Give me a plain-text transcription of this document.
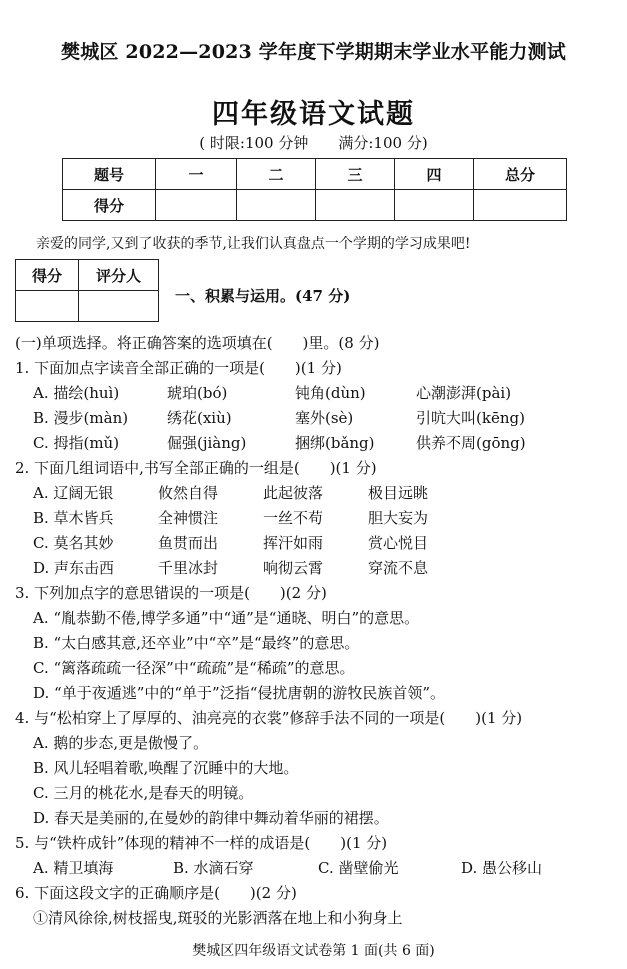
樊城区 2022—2023 学年度下学期期末学业水平能力测试
四年级语文试题
( 时限:100 分钟　　满分:100 分)
题号	一	二	三	四	总分
得分					
亲爱的同学,又到了收获的季节,让我们认真盘点一个学期的学习成果吧!
得分	评分人

一、积累与运用。(47 分)
(一)单项选择。将正确答案的选项填在(　　)里。(8 分)
1. 下面加点字读音全部正确的一项是(　　)(1 分)
A. 描绘(huì)	琥珀(bó)	钝角(dùn)	心潮澎湃(pài)
B. 漫步(màn)	绣花(xiù)	塞外(sè)	引吭大叫(kēng)
C. 拇指(mǔ)	倔强(jiàng)	捆绑(bǎng)	供养不周(gōng)
2. 下面几组词语中,书写全部正确的一组是(　　)(1 分)
A. 辽阔无银	攸然自得	此起彼落	极目远眺
B. 草木皆兵	全神惯注	一丝不苟	胆大妄为
C. 莫名其妙	鱼贯而出	挥汗如雨	赏心悦目
D. 声东击西	千里冰封	响彻云霄	穿流不息
3. 下列加点字的意思错误的一项是(　　)(2 分)
A. “胤恭勤不倦,博学多通”中“通”是“通晓、明白”的意思。
B. “太白感其意,还卒业”中“卒”是“最终”的意思。
C. “篱落疏疏一径深”中“疏疏”是“稀疏”的意思。
D. “单于夜遁逃”中的“单于”泛指“侵扰唐朝的游牧民族首领”。
4. 与“松柏穿上了厚厚的、油亮亮的衣裳”修辞手法不同的一项是(　　)(1 分)
A. 鹅的步态,更是傲慢了。
B. 风儿轻唱着歌,唤醒了沉睡中的大地。
C. 三月的桃花水,是春天的明镜。
D. 春天是美丽的,在曼妙的韵律中舞动着华丽的裙摆。
5. 与“铁杵成针”体现的精神不一样的成语是(　　)(1 分)
A. 精卫填海	B. 水滴石穿	C. 凿壁偷光	D. 愚公移山
6. 下面这段文字的正确顺序是(　　)(2 分)
①清风徐徐,树枝摇曳,斑驳的光影洒落在地上和小狗身上
樊城区四年级语文试卷第 1 面(共 6 面)
